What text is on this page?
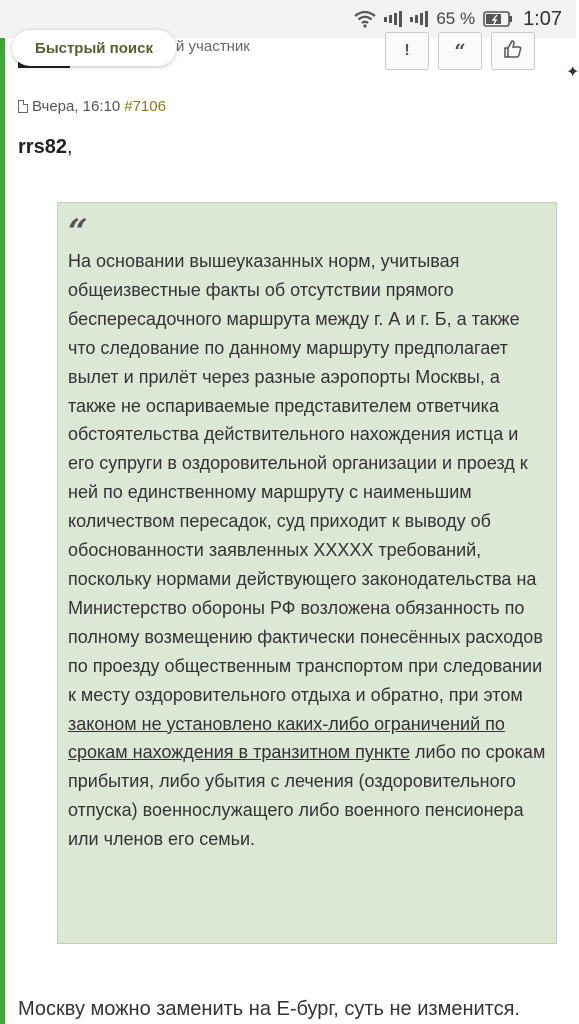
65 % 1:07
Быстрый поиск	й участник	!	“
✦
Вчера, 16:10 #7106
rrs82,
“
На основании вышеуказанных норм, учитывая общеизвестные факты об отсутствии прямого беспересадочного маршрута между г. А и г. Б, а также что следование по данному маршруту предполагает вылет и прилёт через разные аэропорты Москвы, а также не оспариваемые представителем ответчика обстоятельства действительного нахождения истца и его супруги в оздоровительной организации и проезд к ней по единственному маршруту с наименьшим количеством пересадок, суд приходит к выводу об обоснованности заявленных XXXXX требований, поскольку нормами действующего законодательства на Министерство обороны РФ возложена обязанность по полному возмещению фактически понесённых расходов по проезду общественным транспортом при следовании к месту оздоровительного отдыха и обратно, при этом законом не установлено каких-либо ограничений по срокам нахождения в транзитном пункте либо по срокам прибытия, либо убытия с лечения (оздоровительного отпуска) военнослужащего либо военного пенсионера или членов его семьи.
Москву можно заменить на Е-бург, суть не изменится.
